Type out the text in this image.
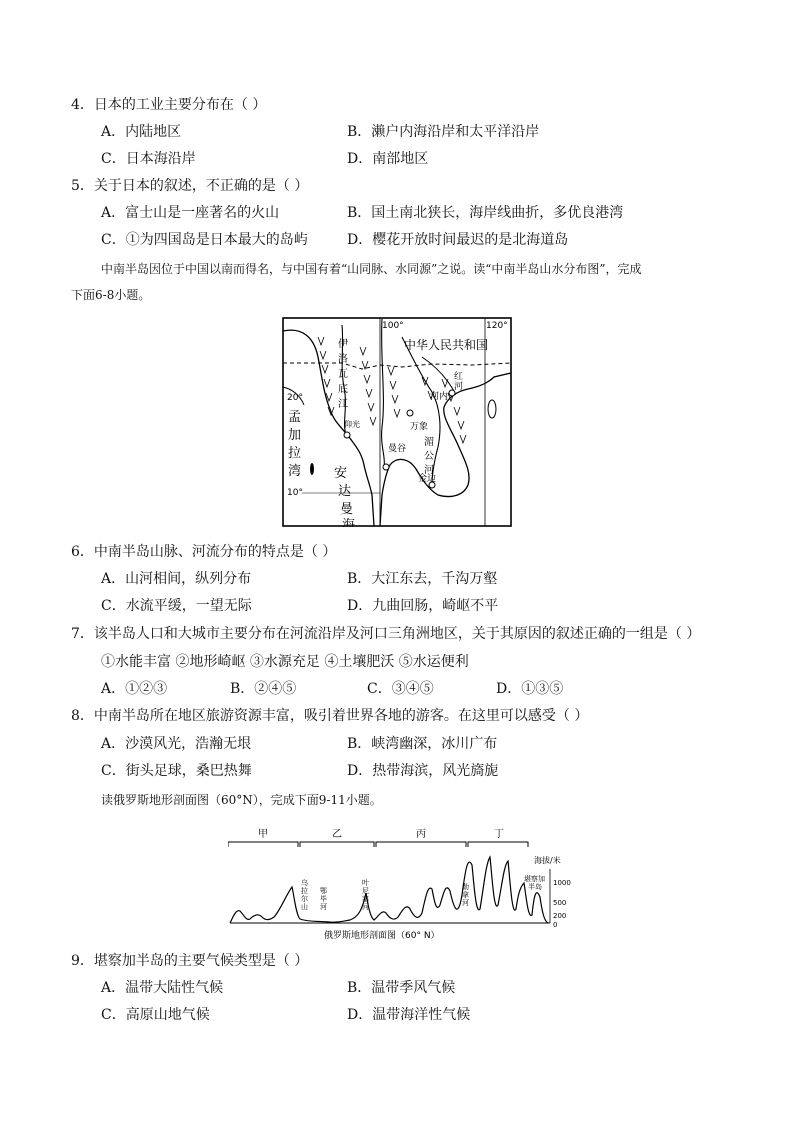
4．日本的工业主要分布在（ ）
A．内陆地区	B．濑户内海沿岸和太平洋沿岸
C．日本海沿岸	D．南部地区
5．关于日本的叙述，不正确的是（ ）
A．富士山是一座著名的火山	B．国土南北狭长，海岸线曲折，多优良港湾
C．①为四国岛是日本最大的岛屿	D．樱花开放时间最迟的是北海道岛
中南半岛因位于中国以南而得名，与中国有着“山同脉、水同源”之说。读“中南半岛山水分布图”，完成
下面6-8小题。
100°	120°
20°
10°
中华人民共和国
伊
洛
瓦
底
江
孟
加
拉
湾	安
达
曼
海
湄
公
河
红
河
河内
万象
曼谷
金边
仰光
6．中南半岛山脉、河流分布的特点是（ ）
A．山河相间，纵列分布	B．大江东去，千沟万壑
C．水流平缓，一望无际	D．九曲回肠，崎岖不平
7．该半岛人口和大城市主要分布在河流沿岸及河口三角洲地区，关于其原因的叙述正确的一组是（ ）
①水能丰富 ②地形崎岖 ③水源充足 ④土壤肥沃 ⑤水运便利
A．①②③	B．②④⑤	C．③④⑤	D．①③⑤
8．中南半岛所在地区旅游资源丰富，吸引着世界各地的游客。在这里可以感受（ ）
A．沙漠风光，浩瀚无垠	B．峡湾幽深，冰川广布
C．街头足球，桑巴热舞	D．热带海滨，风光旖旎
读俄罗斯地形剖面图（60°N），完成下面9-11小题。
甲	乙	丙	丁
海拔/米
1000
500
200
0
乌
拉
尔
山
鄂
毕
河
叶
尼
塞
河
勒
拿
河
堪察加
半岛
俄罗斯地形剖面图（60° N）
9．堪察加半岛的主要气候类型是（ ）
A．温带大陆性气候	B．温带季风气候
C．高原山地气候	D．温带海洋性气候
